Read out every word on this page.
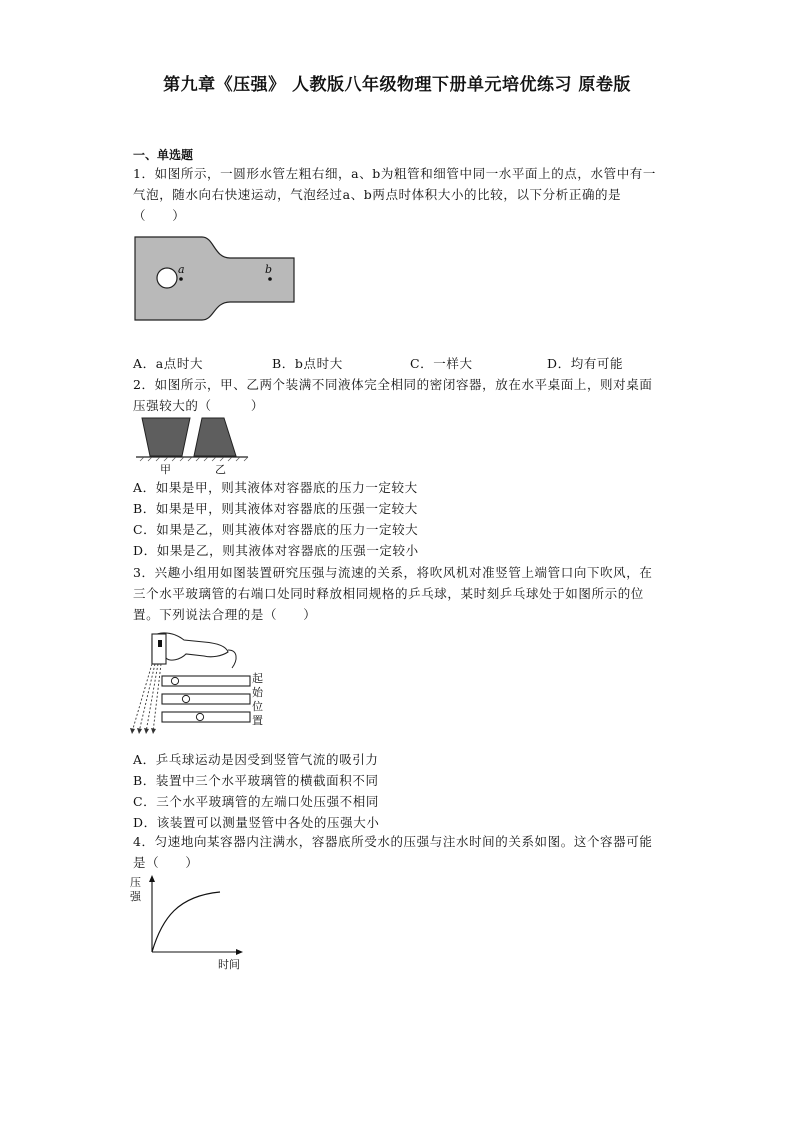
第九章《压强》 人教版八年级物理下册单元培优练习 原卷版
一、单选题
1．如图所示，一圆形水管左粗右细，a、b为粗管和细管中同一水平面上的点，水管中有一气泡，随水向右快速运动，气泡经过a、b两点时体积大小的比较，以下分析正确的是（　　）
a	b
A．a点时大	B．b点时大	C．一样大	D．均有可能
2．如图所示，甲、乙两个装满不同液体完全相同的密闭容器，放在水平桌面上，则对桌面压强较大的（　　　）
甲	乙
A．如果是甲，则其液体对容器底的压力一定较大
B．如果是甲，则其液体对容器底的压强一定较大
C．如果是乙，则其液体对容器底的压力一定较大
D．如果是乙，则其液体对容器底的压强一定较小
3．兴趣小组用如图装置研究压强与流速的关系，将吹风机对准竖管上端管口向下吹风，在三个水平玻璃管的右端口处同时释放相同规格的乒乓球，某时刻乒乓球处于如图所示的位置。下列说法合理的是（　　）
起
始
位
置
A．乒乓球运动是因受到竖管气流的吸引力
B．装置中三个水平玻璃管的横截面积不同
C．三个水平玻璃管的左端口处压强不相同
D．该装置可以测量竖管中各处的压强大小
4．匀速地向某容器内注满水，容器底所受水的压强与注水时间的关系如图。这个容器可能是（　　）
压
强
时间
